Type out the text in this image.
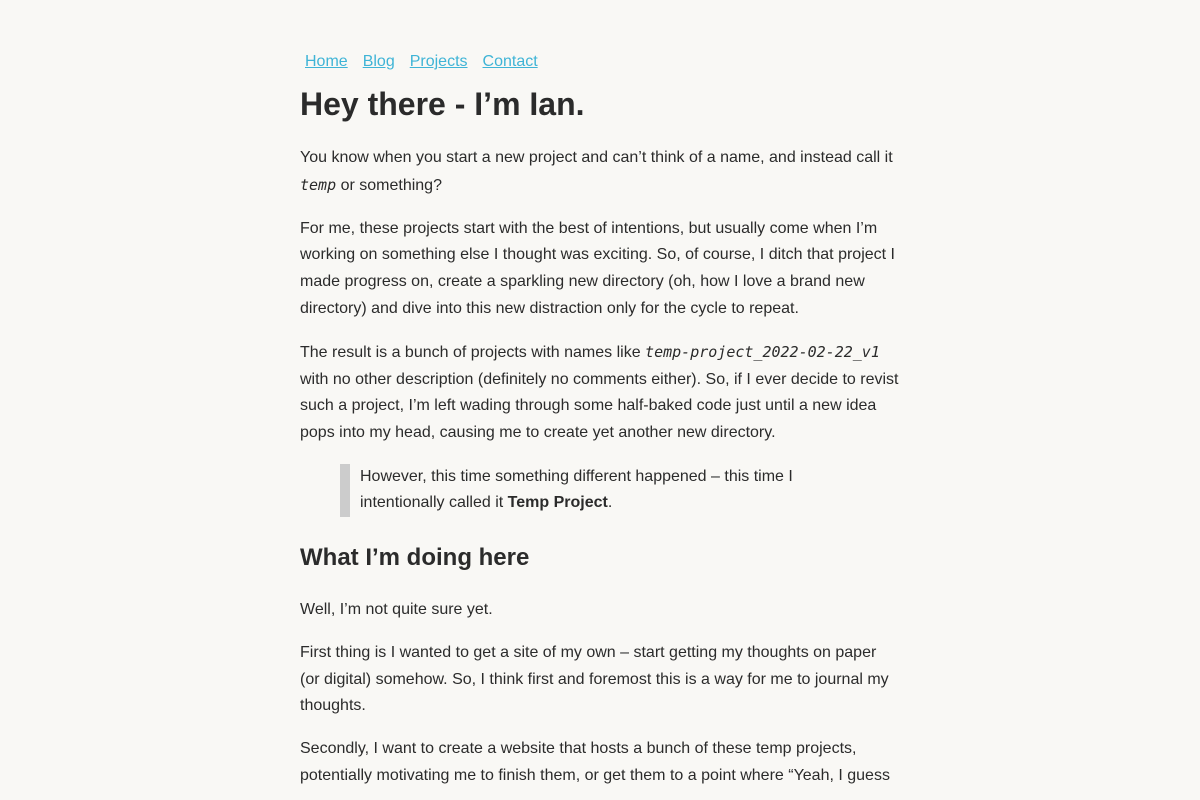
Home Blog Projects Contact
Hey there - I’m Ian.

You know when you start a new project and can’t think of a name, and instead call it temp or something?

For me, these projects start with the best of intentions, but usually come when I’m working on something else I thought was exciting. So, of course, I ditch that project I made progress on, create a sparkling new directory (oh, how I love a brand new directory) and dive into this new distraction only for the cycle to repeat.

The result is a bunch of projects with names like temp-project_2022-02-22_v1 with no other description (definitely no comments either). So, if I ever decide to revist such a project, I’m left wading through some half-baked code just until a new idea pops into my head, causing me to create yet another new directory.

However, this time something different happened – this time I intentionally called it Temp Project.

What I’m doing here

Well, I’m not quite sure yet.

First thing is I wanted to get a site of my own – start getting my thoughts on paper (or digital) somehow. So, I think first and foremost this is a way for me to journal my thoughts.

Secondly, I want to create a website that hosts a bunch of these temp projects, potentially motivating me to finish them, or get them to a point where “Yeah, I guess
